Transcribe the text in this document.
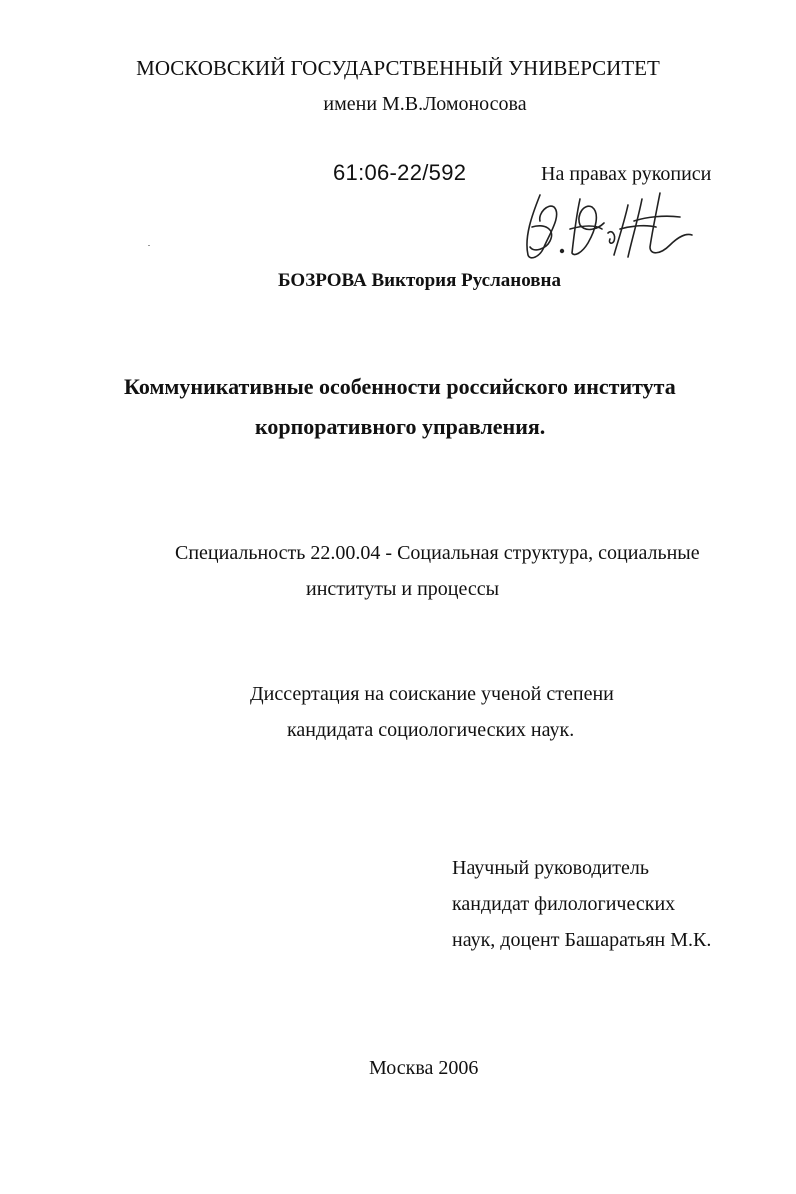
МОСКОВСКИЙ ГОСУДАРСТВЕННЫЙ УНИВЕРСИТЕТ
имени М.В.Ломоносова
61:06-22/592	На правах рукописи
БОЗРОВА Виктория Руслановна
Коммуникативные особенности российского института
корпоративного управления.
Специальность 22.00.04 - Социальная структура, социальные
институты и процессы
Диссертация на соискание ученой степени
кандидата социологических наук.
Научный руководитель
кандидат филологических
наук, доцент Башаратьян М.К.
Москва 2006
